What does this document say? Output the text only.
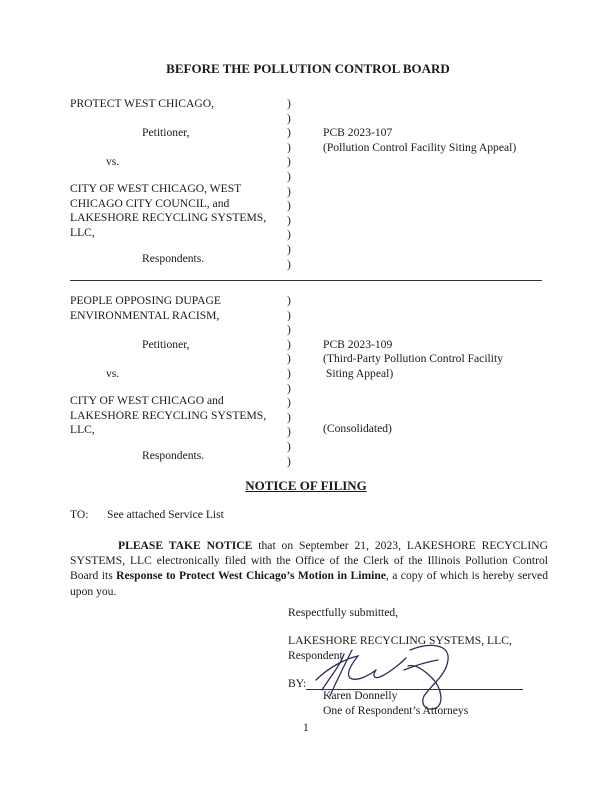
BEFORE THE POLLUTION CONTROL BOARD
PROTECT WEST CHICAGO,
Petitioner,
vs.
CITY OF WEST CHICAGO, WEST
CHICAGO CITY COUNCIL, and
LAKESHORE RECYCLING SYSTEMS,
LLC,
Respondents.
)
)
)
)
)
)
)
)
)
)
)
)
PCB 2023-107
(Pollution Control Facility Siting Appeal)
PEOPLE OPPOSING DUPAGE
ENVIRONMENTAL RACISM,
Petitioner,
vs.
CITY OF WEST CHICAGO and
LAKESHORE RECYCLING SYSTEMS,
LLC,
Respondents.
)
)
)
)
)
)
)
)
)
)
)
)
PCB 2023-109
(Third-Party Pollution Control Facility
Siting Appeal)
(Consolidated)
NOTICE OF FILING
TO: See attached Service List
PLEASE TAKE NOTICE that on September 21, 2023, LAKESHORE RECYCLING SYSTEMS, LLC electronically filed with the Office of the Clerk of the Illinois Pollution Control Board its Response to Protect West Chicago’s Motion in Limine, a copy of which is hereby served upon you.
Respectfully submitted,
LAKESHORE RECYCLING SYSTEMS, LLC,
Respondent
BY:
Karen Donnelly
One of Respondent’s Attorneys
1
